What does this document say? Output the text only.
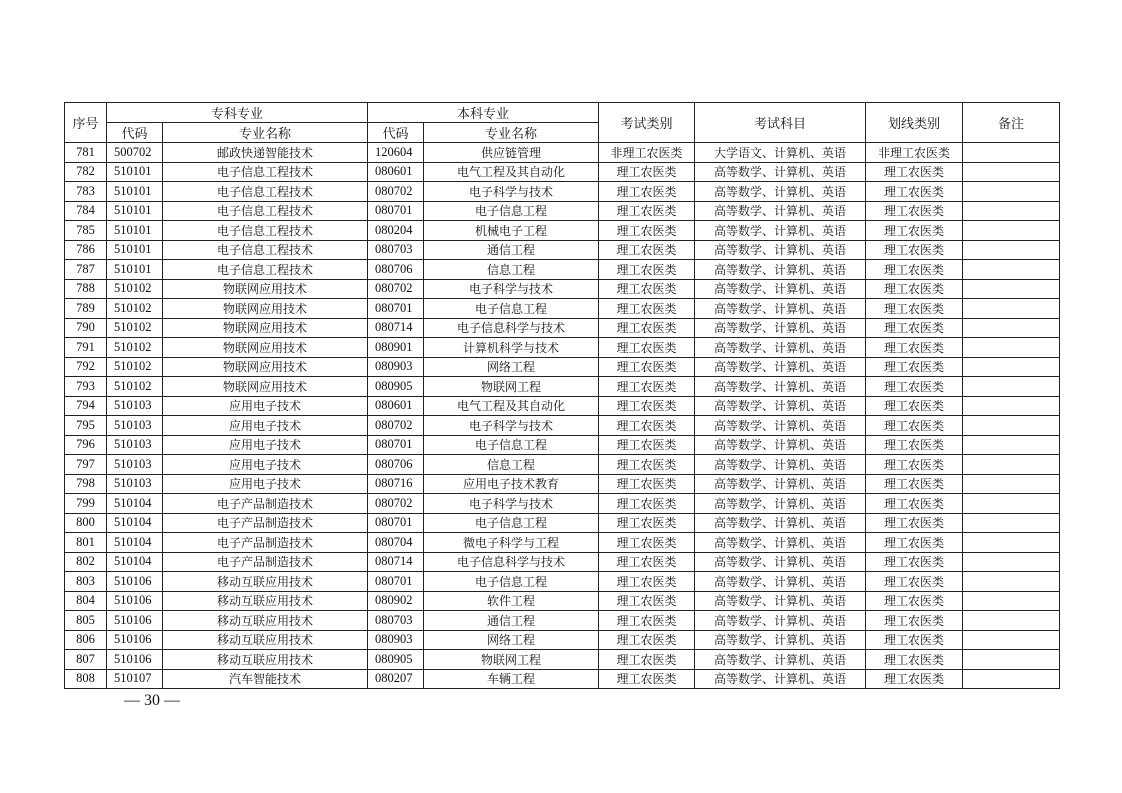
序号	专科专业		本科专业		考试类别	考试科目	划线类别	备注
	代码	专业名称	代码	专业名称				
781	500702	邮政快递智能技术	120604	供应链管理	非理工农医类	大学语文、计算机、英语	非理工农医类	
782	510101	电子信息工程技术	080601	电气工程及其自动化	理工农医类	高等数学、计算机、英语	理工农医类	
783	510101	电子信息工程技术	080702	电子科学与技术	理工农医类	高等数学、计算机、英语	理工农医类	
784	510101	电子信息工程技术	080701	电子信息工程	理工农医类	高等数学、计算机、英语	理工农医类	
785	510101	电子信息工程技术	080204	机械电子工程	理工农医类	高等数学、计算机、英语	理工农医类	
786	510101	电子信息工程技术	080703	通信工程	理工农医类	高等数学、计算机、英语	理工农医类	
787	510101	电子信息工程技术	080706	信息工程	理工农医类	高等数学、计算机、英语	理工农医类	
788	510102	物联网应用技术	080702	电子科学与技术	理工农医类	高等数学、计算机、英语	理工农医类	
789	510102	物联网应用技术	080701	电子信息工程	理工农医类	高等数学、计算机、英语	理工农医类	
790	510102	物联网应用技术	080714	电子信息科学与技术	理工农医类	高等数学、计算机、英语	理工农医类	
791	510102	物联网应用技术	080901	计算机科学与技术	理工农医类	高等数学、计算机、英语	理工农医类	
792	510102	物联网应用技术	080903	网络工程	理工农医类	高等数学、计算机、英语	理工农医类	
793	510102	物联网应用技术	080905	物联网工程	理工农医类	高等数学、计算机、英语	理工农医类	
794	510103	应用电子技术	080601	电气工程及其自动化	理工农医类	高等数学、计算机、英语	理工农医类	
795	510103	应用电子技术	080702	电子科学与技术	理工农医类	高等数学、计算机、英语	理工农医类	
796	510103	应用电子技术	080701	电子信息工程	理工农医类	高等数学、计算机、英语	理工农医类	
797	510103	应用电子技术	080706	信息工程	理工农医类	高等数学、计算机、英语	理工农医类	
798	510103	应用电子技术	080716	应用电子技术教育	理工农医类	高等数学、计算机、英语	理工农医类	
799	510104	电子产品制造技术	080702	电子科学与技术	理工农医类	高等数学、计算机、英语	理工农医类	
800	510104	电子产品制造技术	080701	电子信息工程	理工农医类	高等数学、计算机、英语	理工农医类	
801	510104	电子产品制造技术	080704	微电子科学与工程	理工农医类	高等数学、计算机、英语	理工农医类	
802	510104	电子产品制造技术	080714	电子信息科学与技术	理工农医类	高等数学、计算机、英语	理工农医类	
803	510106	移动互联应用技术	080701	电子信息工程	理工农医类	高等数学、计算机、英语	理工农医类	
804	510106	移动互联应用技术	080902	软件工程	理工农医类	高等数学、计算机、英语	理工农医类	
805	510106	移动互联应用技术	080703	通信工程	理工农医类	高等数学、计算机、英语	理工农医类	
806	510106	移动互联应用技术	080903	网络工程	理工农医类	高等数学、计算机、英语	理工农医类	
807	510106	移动互联应用技术	080905	物联网工程	理工农医类	高等数学、计算机、英语	理工农医类	
808	510107	汽车智能技术	080207	车辆工程	理工农医类	高等数学、计算机、英语	理工农医类	
— 30 —
